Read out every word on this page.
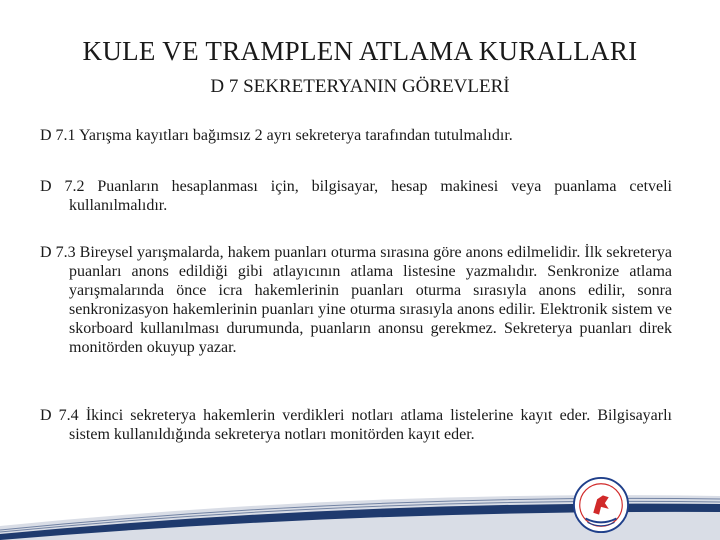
KULE VE TRAMPLEN ATLAMA KURALLARI
D 7 SEKRETERYANIN GÖREVLERİ

D 7.1 Yarışma kayıtları bağımsız 2 ayrı sekreterya tarafından tutulmalıdır.

D 7.2 Puanların hesaplanması için, bilgisayar, hesap makinesi veya puanlama cetveli kullanılmalıdır.

D 7.3 Bireysel yarışmalarda, hakem puanları oturma sırasına göre anons edilmelidir. İlk sekreterya puanları anons edildiği gibi atlayıcının atlama listesine yazmalıdır. Senkronize atlama yarışmalarında önce icra hakemlerinin puanları oturma sırasıyla anons edilir, sonra senkronizasyon hakemlerinin puanları yine oturma sırasıyla anons edilir. Elektronik sistem ve skorboard kullanılması durumunda, puanların anonsu gerekmez. Sekreterya puanları direk monitörden okuyup yazar.

D 7.4 İkinci sekreterya hakemlerin verdikleri notları atlama listelerine kayıt eder. Bilgisayarlı sistem kullanıldığında sekreterya notları monitörden kayıt eder.
